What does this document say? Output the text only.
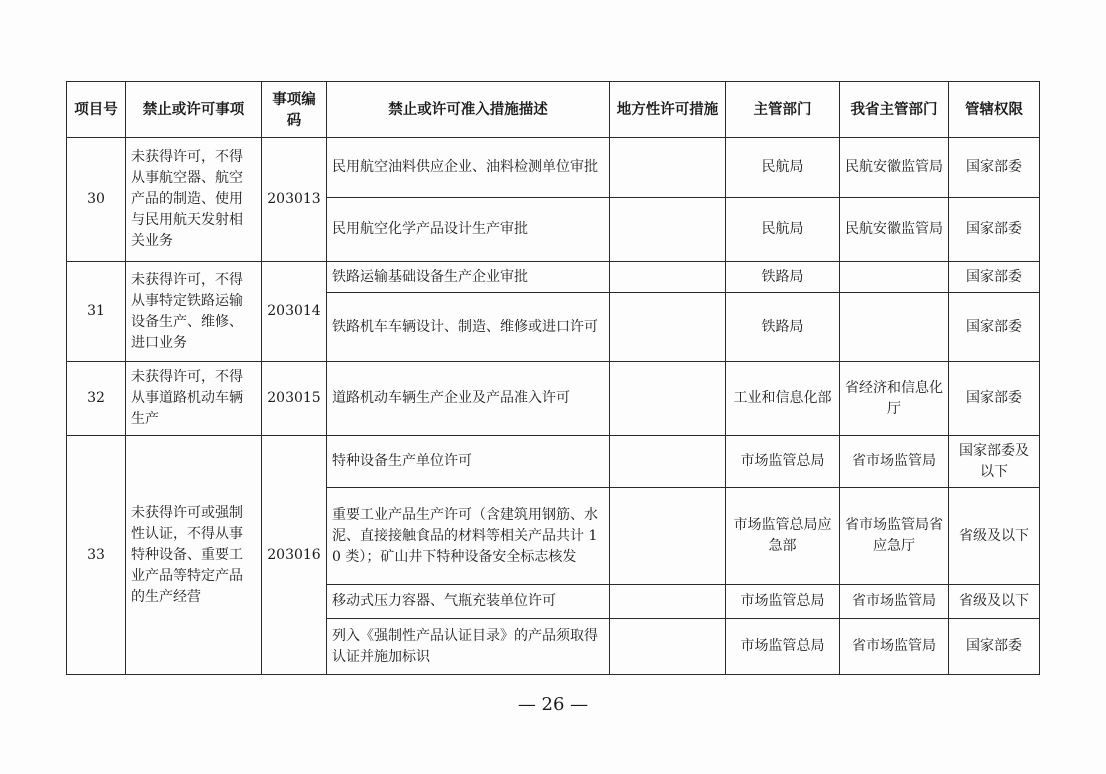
项目号	禁止或许可事项	事项编码	禁止或许可准入措施描述	地方性许可措施	主管部门	我省主管部门	管辖权限
30	未获得许可，不得从事航空器、航空产品的制造、使用与民用航天发射相关业务	203013	民用航空油料供应企业、油料检测单位审批		民航局	民航安徽监管局	国家部委
			民用航空化学产品设计生产审批		民航局	民航安徽监管局	国家部委
31	未获得许可，不得从事特定铁路运输设备生产、维修、进口业务	203014	铁路运输基础设备生产企业审批		铁路局		国家部委
			铁路机车车辆设计、制造、维修或进口许可		铁路局		国家部委
32	未获得许可，不得从事道路机动车辆生产	203015	道路机动车辆生产企业及产品准入许可		工业和信息化部	省经济和信息化厅	国家部委
33	未获得许可或强制性认证，不得从事特种设备、重要工业产品等特定产品的生产经营	203016	特种设备生产单位许可		市场监管总局	省市场监管局	国家部委及以下
			重要工业产品生产许可（含建筑用钢筋、水泥、直接接触食品的材料等相关产品共计 10 类）；矿山井下特种设备安全标志核发		市场监管总局应急部	省市场监管局省应急厅	省级及以下
			移动式压力容器、气瓶充装单位许可		市场监管总局	省市场监管局	省级及以下
			列入《强制性产品认证目录》的产品须取得认证并施加标识		市场监管总局	省市场监管局	国家部委
— 26 —
